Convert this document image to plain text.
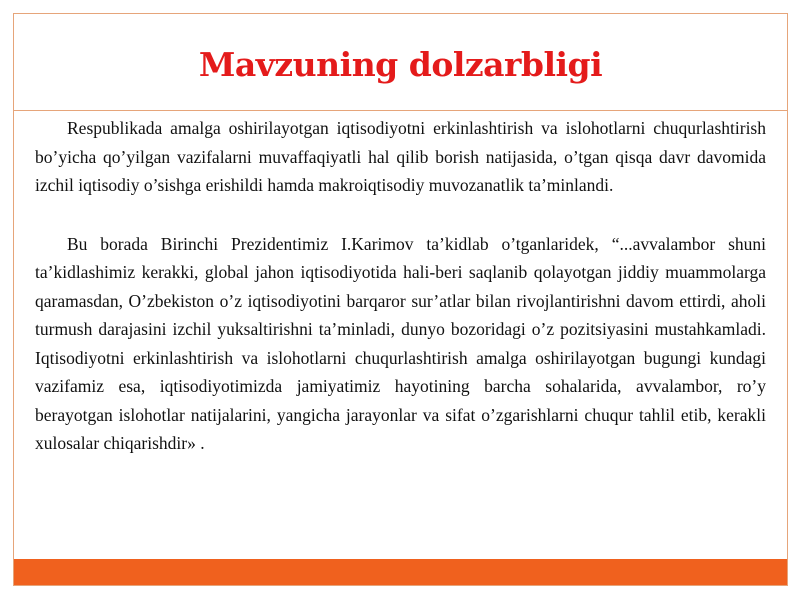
Mavzuning dolzarbligi

Respublikada amalga oshirilayotgan iqtisodiyotni erkinlashtirish va islohotlarni chuqurlashtirish bo’yicha qo’yilgan vazifalarni muvaffaqiyatli hal qilib borish natijasida, o’tgan qisqa davr davomida izchil iqtisodiy o’sishga erishildi hamda makroiqtisodiy muvozanatlik ta’minlandi.

Bu borada Birinchi Prezidentimiz I.Karimov ta’kidlab o’tganlaridek, “...avvalambor shuni ta’kidlashimiz kerakki, global jahon iqtisodiyotida hali-beri saqlanib qolayotgan jiddiy muammolarga qaramasdan, O’zbekiston o’z iqtisodiyotini barqaror sur’atlar bilan rivojlantirishni davom ettirdi, aholi turmush darajasini izchil yuksaltirishni ta’minladi, dunyo bozoridagi o’z pozitsiyasini mustahkamladi. Iqtisodiyotni erkinlashtirish va islohotlarni chuqurlashtirish amalga oshirilayotgan bugungi kundagi vazifamiz esa, iqtisodiyotimizda jamiyatimiz hayotining barcha sohalarida, avvalambor, ro’y berayotgan islohotlar natijalarini, yangicha jarayonlar va sifat o’zgarishlarni chuqur tahlil etib, kerakli xulosalar chiqarishdir» .
